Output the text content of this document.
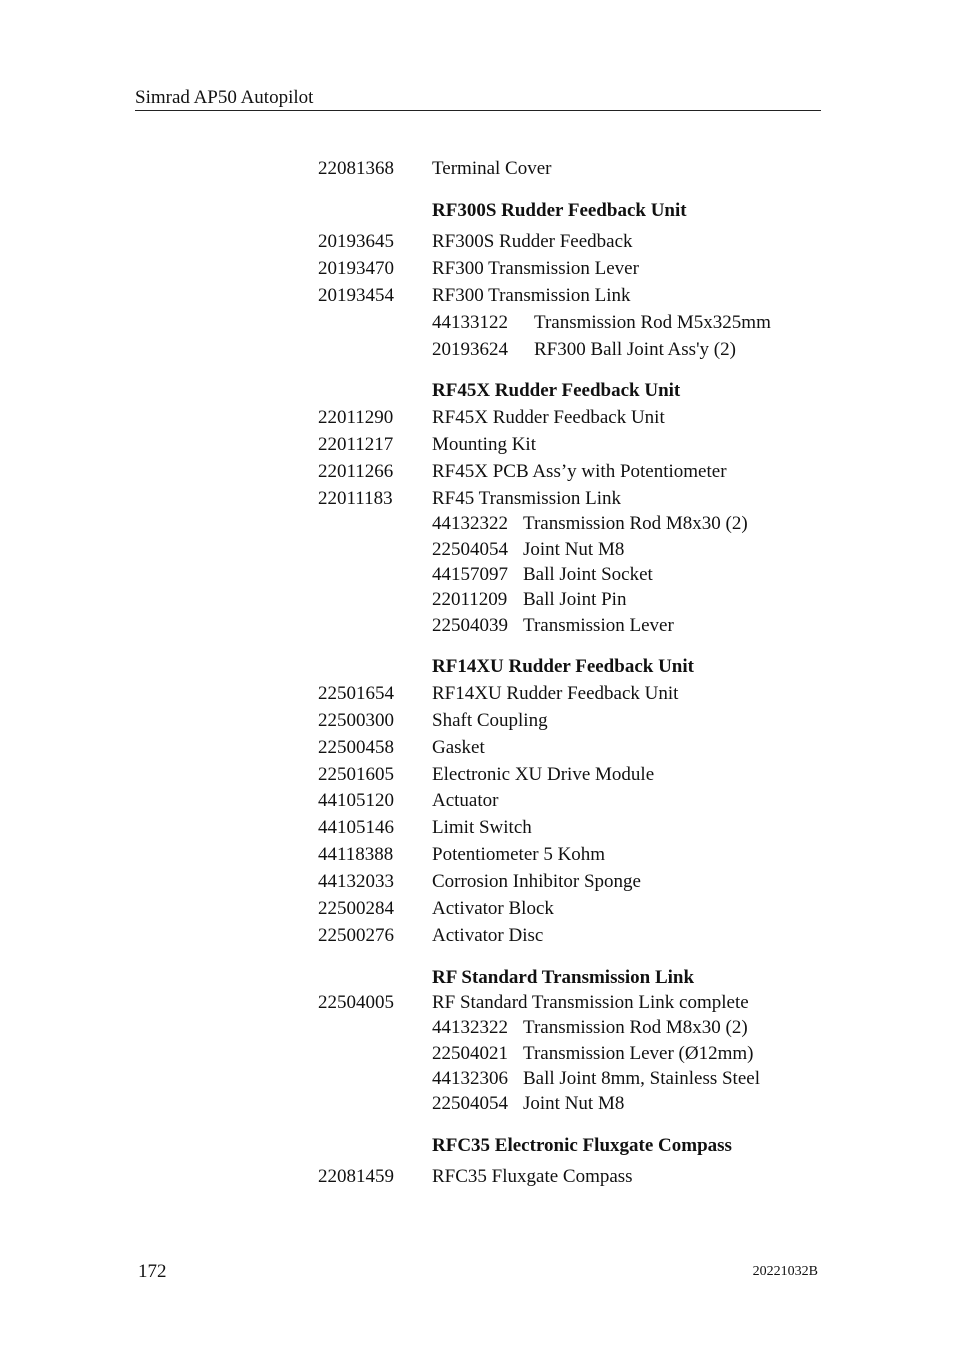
Simrad AP50 Autopilot
22081368 Terminal Cover
RF300S Rudder Feedback Unit
20193645 RF300S Rudder Feedback
20193470 RF300 Transmission Lever
20193454 RF300 Transmission Link
44133122 Transmission Rod M5x325mm
20193624 RF300 Ball Joint Ass'y (2)
RF45X Rudder Feedback Unit
22011290 RF45X Rudder Feedback Unit
22011217 Mounting Kit
22011266 RF45X PCB Ass’y with Potentiometer
22011183 RF45 Transmission Link
44132322 Transmission Rod M8x30 (2)
22504054 Joint Nut M8
44157097 Ball Joint Socket
22011209 Ball Joint Pin
22504039 Transmission Lever
RF14XU Rudder Feedback Unit
22501654 RF14XU Rudder Feedback Unit
22500300 Shaft Coupling
22500458 Gasket
22501605 Electronic XU Drive Module
44105120 Actuator
44105146 Limit Switch
44118388 Potentiometer 5 Kohm
44132033 Corrosion Inhibitor Sponge
22500284 Activator Block
22500276 Activator Disc
RF Standard Transmission Link
22504005 RF Standard Transmission Link complete
44132322 Transmission Rod M8x30 (2)
22504021 Transmission Lever (Ø12mm)
44132306 Ball Joint 8mm, Stainless Steel
22504054 Joint Nut M8
RFC35 Electronic Fluxgate Compass
22081459 RFC35 Fluxgate Compass
172	20221032B
